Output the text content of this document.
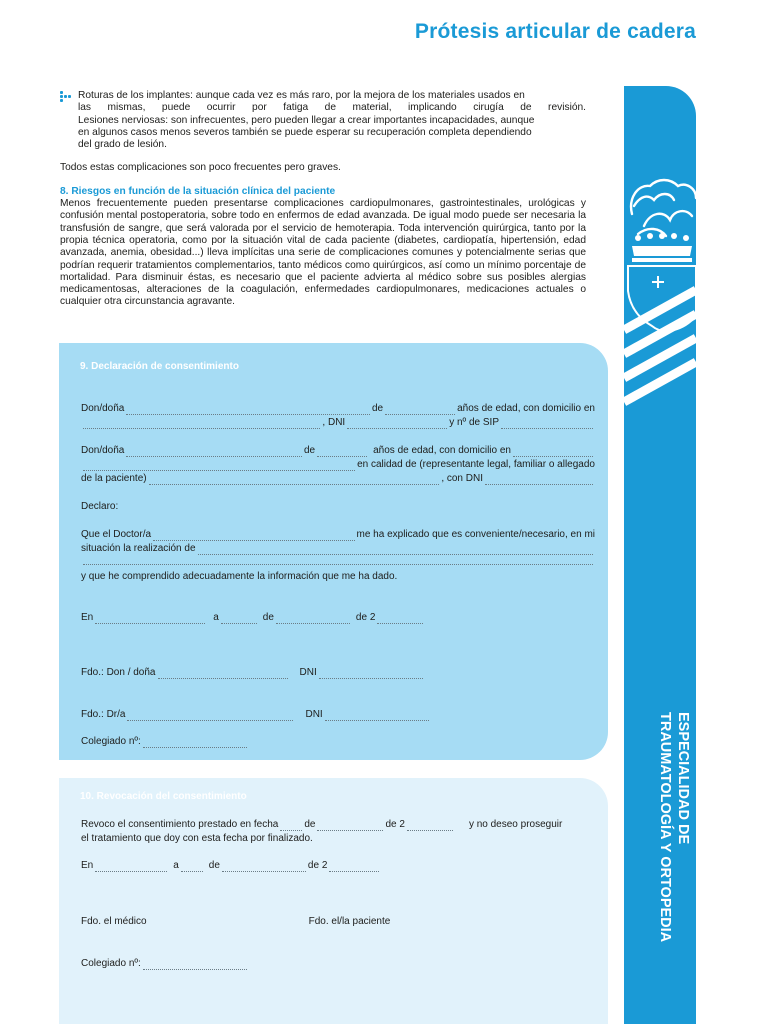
Prótesis articular de cadera
Roturas de los implantes: aunque cada vez es más raro, por la mejora de los materiales usados en
las mismas, puede ocurrir por fatiga de material, implicando cirugía de revisión.
Lesiones nerviosas: son infrecuentes, pero pueden llegar a crear importantes incapacidades, aunque
en algunos casos menos severos también se puede esperar su recuperación completa dependiendo
del grado de lesión.
Todos estas complicaciones son poco frecuentes pero graves.
8. Riesgos en función de la situación clínica del paciente
Menos frecuentemente pueden presentarse complicaciones cardiopulmonares, gastrointestinales, urológicas y confusión mental postoperatoria, sobre todo en enfermos de edad avanzada. De igual modo puede ser necesaria la transfusión de sangre, que será valorada por el servicio de hemoterapia. Toda intervención quirúrgica, tanto por la propia técnica operatoria, como por la situación vital de cada paciente (diabetes, cardiopatía, hipertensión, edad avanzada, anemia, obesidad...) lleva implícitas una serie de complicaciones comunes y potencialmente serias que podrían requerir tratamientos complementarios, tanto médicos como quirúrgicos, así como un mínimo porcentaje de mortalidad. Para disminuir éstas, es necesario que el paciente advierta al médico sobre sus posibles alergias medicamentosas, alteraciones de la coagulación, enfermedades cardiopulmonares, medicaciones actuales o cualquier otra circunstancia agravante.
9. Declaración de consentimiento
Don/doña	de	años de edad, con domicilio en
, DNI	y nº de SIP
Don/doña	de	años de edad, con domicilio en
en calidad de (representante legal, familiar o allegado
de la paciente)	, con DNI
Declaro:
Que el Doctor/a	me ha explicado que es conveniente/necesario, en mi
situación la realización de
y que he comprendido adecuadamente la información que me ha dado.
En	a	de	de 2
Fdo.: Don / doña	DNI
Fdo.: Dr/a	DNI
Colegiado nº:
10. Revocación del consentimiento
Revoco el consentimiento prestado en fecha	de	de 2	y no deseo proseguir
el tratamiento que doy con esta fecha por finalizado.
En	a	de	de 2
Fdo. el médico	Fdo. el/la paciente
Colegiado nº:
ESPECIALIDAD DE
TRAUMATOLOGÍA Y ORTOPEDIA
